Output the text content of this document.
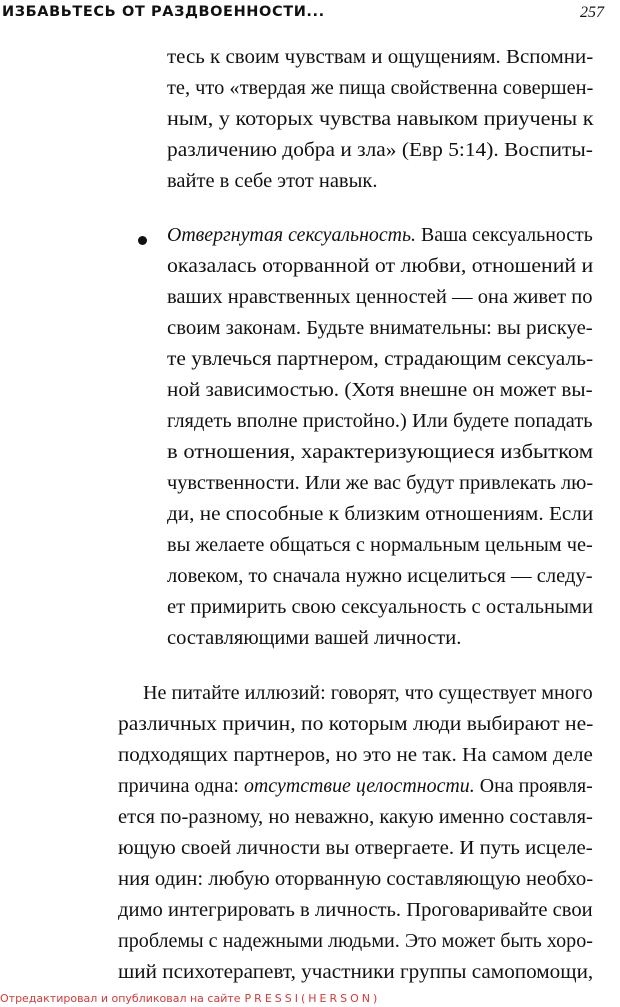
ИЗБАВЬТЕСЬ ОТ РАЗДВОЕННОСТИ...	257
тесь к своим чувствам и ощущениям. Вспомни-
те, что «твердая же пища свойственна совершен-
ным, у которых чувства навыком приучены к
различению добра и зла» (Евр 5:14). Воспиты-
вайте в себе этот навык.
Отвергнутая сексуальность. Ваша сексуальность
оказалась оторванной от любви, отношений и
ваших нравственных ценностей — она живет по
своим законам. Будьте внимательны: вы рискуе-
те увлечься партнером, страдающим сексуаль-
ной зависимостью. (Хотя внешне он может вы-
глядеть вполне пристойно.) Или будете попадать
в отношения, характеризующиеся избытком
чувственности. Или же вас будут привлекать лю-
ди, не способные к близким отношениям. Если
вы желаете общаться с нормальным цельным че-
ловеком, то сначала нужно исцелиться — следу-
ет примирить свою сексуальность с остальными
составляющими вашей личности.
Не питайте иллюзий: говорят, что существует много
различных причин, по которым люди выбирают не-
подходящих партнеров, но это не так. На самом деле
причина одна: отсутствие целостности. Она проявля-
ется по-разному, но неважно, какую именно составля-
ющую своей личности вы отвергаете. И путь исцеле-
ния один: любую оторванную составляющую необхо-
димо интегрировать в личность. Проговаривайте свои
проблемы с надежными людьми. Это может быть хоро-
ший психотерапевт, участники группы самопомощи,
Отредактировал и опубликовал на сайте PRESSI(HERSON)
